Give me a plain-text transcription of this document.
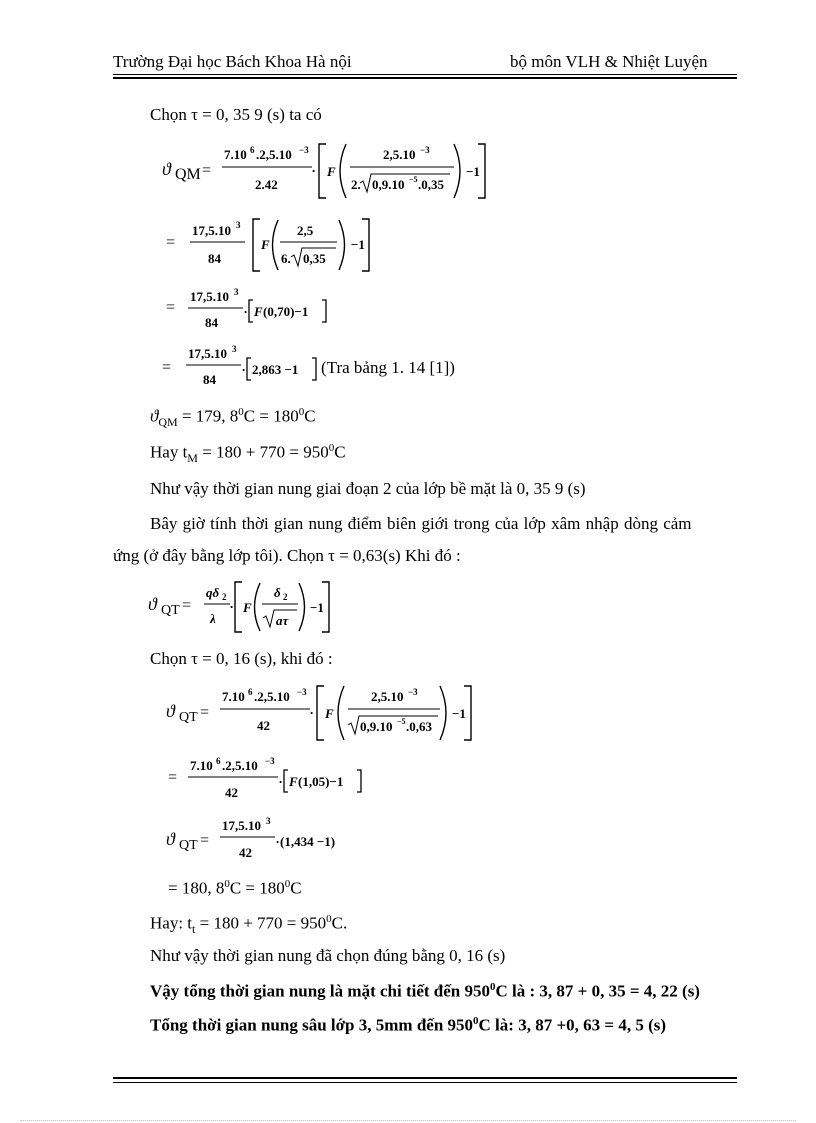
Trường Đại học Bách Khoa Hà nội	bộ môn VLH & Nhiệt Luyện
Chọn τ = 0, 35 9 (s) ta có
ϑ QM =
7.10 6 .2,5.10 −3
2.42
. F
2,5.10 −3
2. 0,9.10 −5 .0,35
−1
=
17,5.10 3
84
F
2,5
6. 0,35
−1
=
17,5.10 3
84
. F (0,70)−1
=
17,5.10 3
84
. 2,863 −1 (Tra bảng 1. 14 [1])
$ϑ_{QM} = 179$, $8^0C = 180^0C$
Hay $t_M = 180 + 770 = 950^0C$
Như vậy thời gian nung giai đoạn 2 của lớp bề mặt là 0, 35 9 (s)
Bây giờ tính thời gian nung điểm biên giới trong của lớp xâm nhập dòng cảm
ứng (ở đây bằng lớp tôi). Chọn τ = 0,63(s) Khi đó :
ϑ QT =
qδ 2
λ
. F
δ 2
aτ
−1
Chọn τ = 0, 16 (s), khi đó :
ϑ QT =
7.10 6 .2,5.10 −3
42
. F
2,5.10 −3
0,9.10 −5 .0,63
−1
=
7.10 6 .2,5.10 −3
42
. F (1,05)−1
ϑ QT =
17,5.10 3
42
. (1,434 −1)
= 180, $8^0C = 180^0C$
Hay: $t_t = 180 + 770 = 950^0C$.
Như vậy thời gian nung đã chọn đúng bằng 0, 16 (s)
Vậy tổng thời gian nung là mặt chi tiết đến $950^0C$ là : 3, 87 + 0, 35 = 4, 22 (s)
Tổng thời gian nung sâu lớp 3, 5mm đến $950^0C$ là: 3, 87 +0, 63 = 4, 5 (s)
